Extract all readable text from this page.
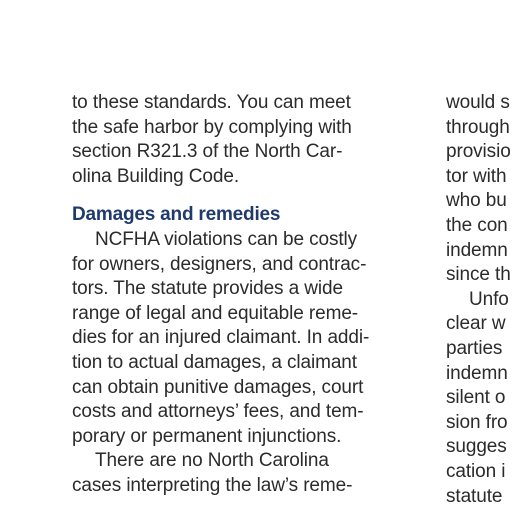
to these standards. You can meet
the safe harbor by complying with
section R321.3 of the North Car-
olina Building Code.
Damages and remedies
NCFHA violations can be costly
for owners, designers, and contrac-
tors. The statute provides a wide
range of legal and equitable reme-
dies for an injured claimant. In addi-
tion to actual damages, a claimant
can obtain punitive damages, court
costs and attorneys’ fees, and tem-
porary or permanent injunctions.
There are no North Carolina
cases interpreting the law’s reme-
would s
through
provisio
tor with
who bu
the con
indemn
since th
Unfo
clear w
parties
indemn
silent o
sion fro
sugges
cation i
statute
